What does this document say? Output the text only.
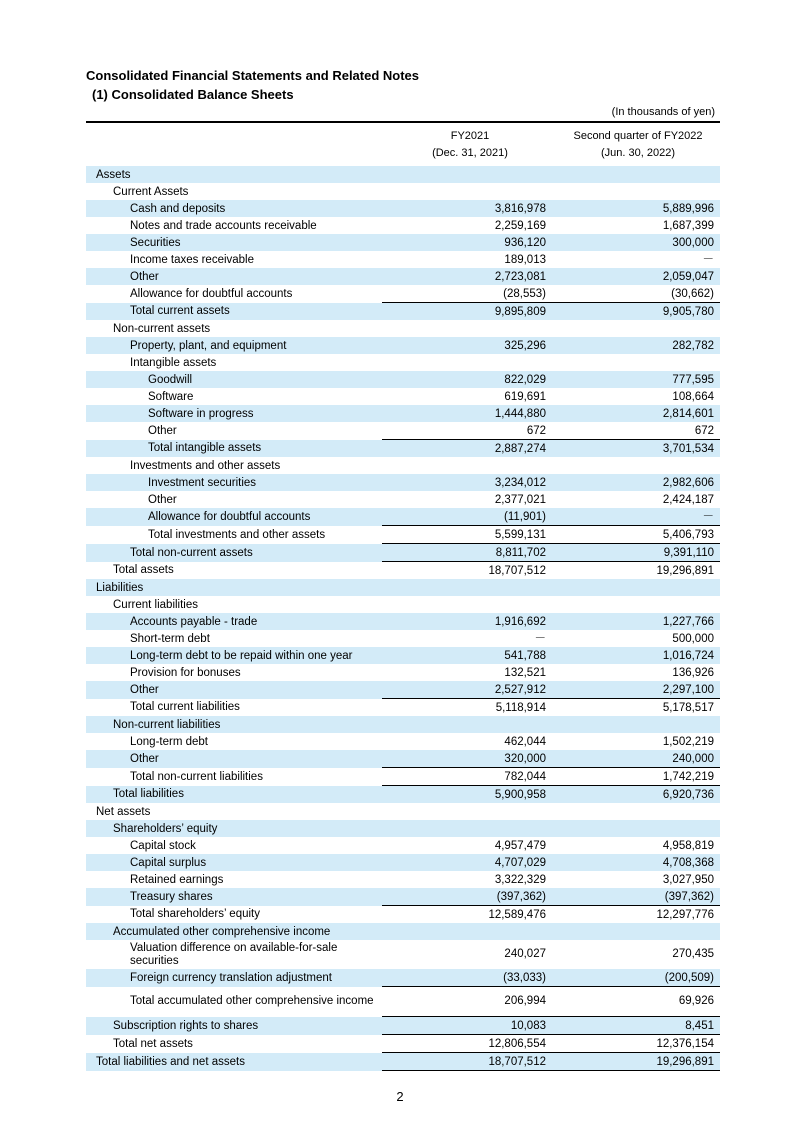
Consolidated Financial Statements and Related Notes
(1) Consolidated Balance Sheets
(In thousands of yen)
FY2021
(Dec. 31, 2021)
Second quarter of FY2022
(Jun. 30, 2022)
Assets		
Current Assets		
Cash and deposits	3,816,978	5,889,996
Notes and trade accounts receivable	2,259,169	1,687,399
Securities	936,120	300,000
Income taxes receivable	189,013	－
Other	2,723,081	2,059,047
Allowance for doubtful accounts	(28,553)	(30,662)
Total current assets	9,895,809	9,905,780
Non-current assets		
Property, plant, and equipment	325,296	282,782
Intangible assets		
Goodwill	822,029	777,595
Software	619,691	108,664
Software in progress	1,444,880	2,814,601
Other	672	672
Total intangible assets	2,887,274	3,701,534
Investments and other assets		
Investment securities	3,234,012	2,982,606
Other	2,377,021	2,424,187
Allowance for doubtful accounts	(11,901)	－
Total investments and other assets	5,599,131	5,406,793
Total non-current assets	8,811,702	9,391,110
Total assets	18,707,512	19,296,891
Liabilities		
Current liabilities		
Accounts payable - trade	1,916,692	1,227,766
Short-term debt	－	500,000
Long-term debt to be repaid within one year	541,788	1,016,724
Provision for bonuses	132,521	136,926
Other	2,527,912	2,297,100
Total current liabilities	5,118,914	5,178,517
Non-current liabilities		
Long-term debt	462,044	1,502,219
Other	320,000	240,000
Total non-current liabilities	782,044	1,742,219
Total liabilities	5,900,958	6,920,736
Net assets		
Shareholders’ equity		
Capital stock	4,957,479	4,958,819
Capital surplus	4,707,029	4,708,368
Retained earnings	3,322,329	3,027,950
Treasury shares	(397,362)	(397,362)
Total shareholders’ equity	12,589,476	12,297,776
Accumulated other comprehensive income		
Valuation difference on available-for-sale securities	240,027	270,435
Foreign currency translation adjustment	(33,033)	(200,509)
Total accumulated other comprehensive income	206,994	69,926
Subscription rights to shares	10,083	8,451
Total net assets	12,806,554	12,376,154
Total liabilities and net assets	18,707,512	19,296,891
2
